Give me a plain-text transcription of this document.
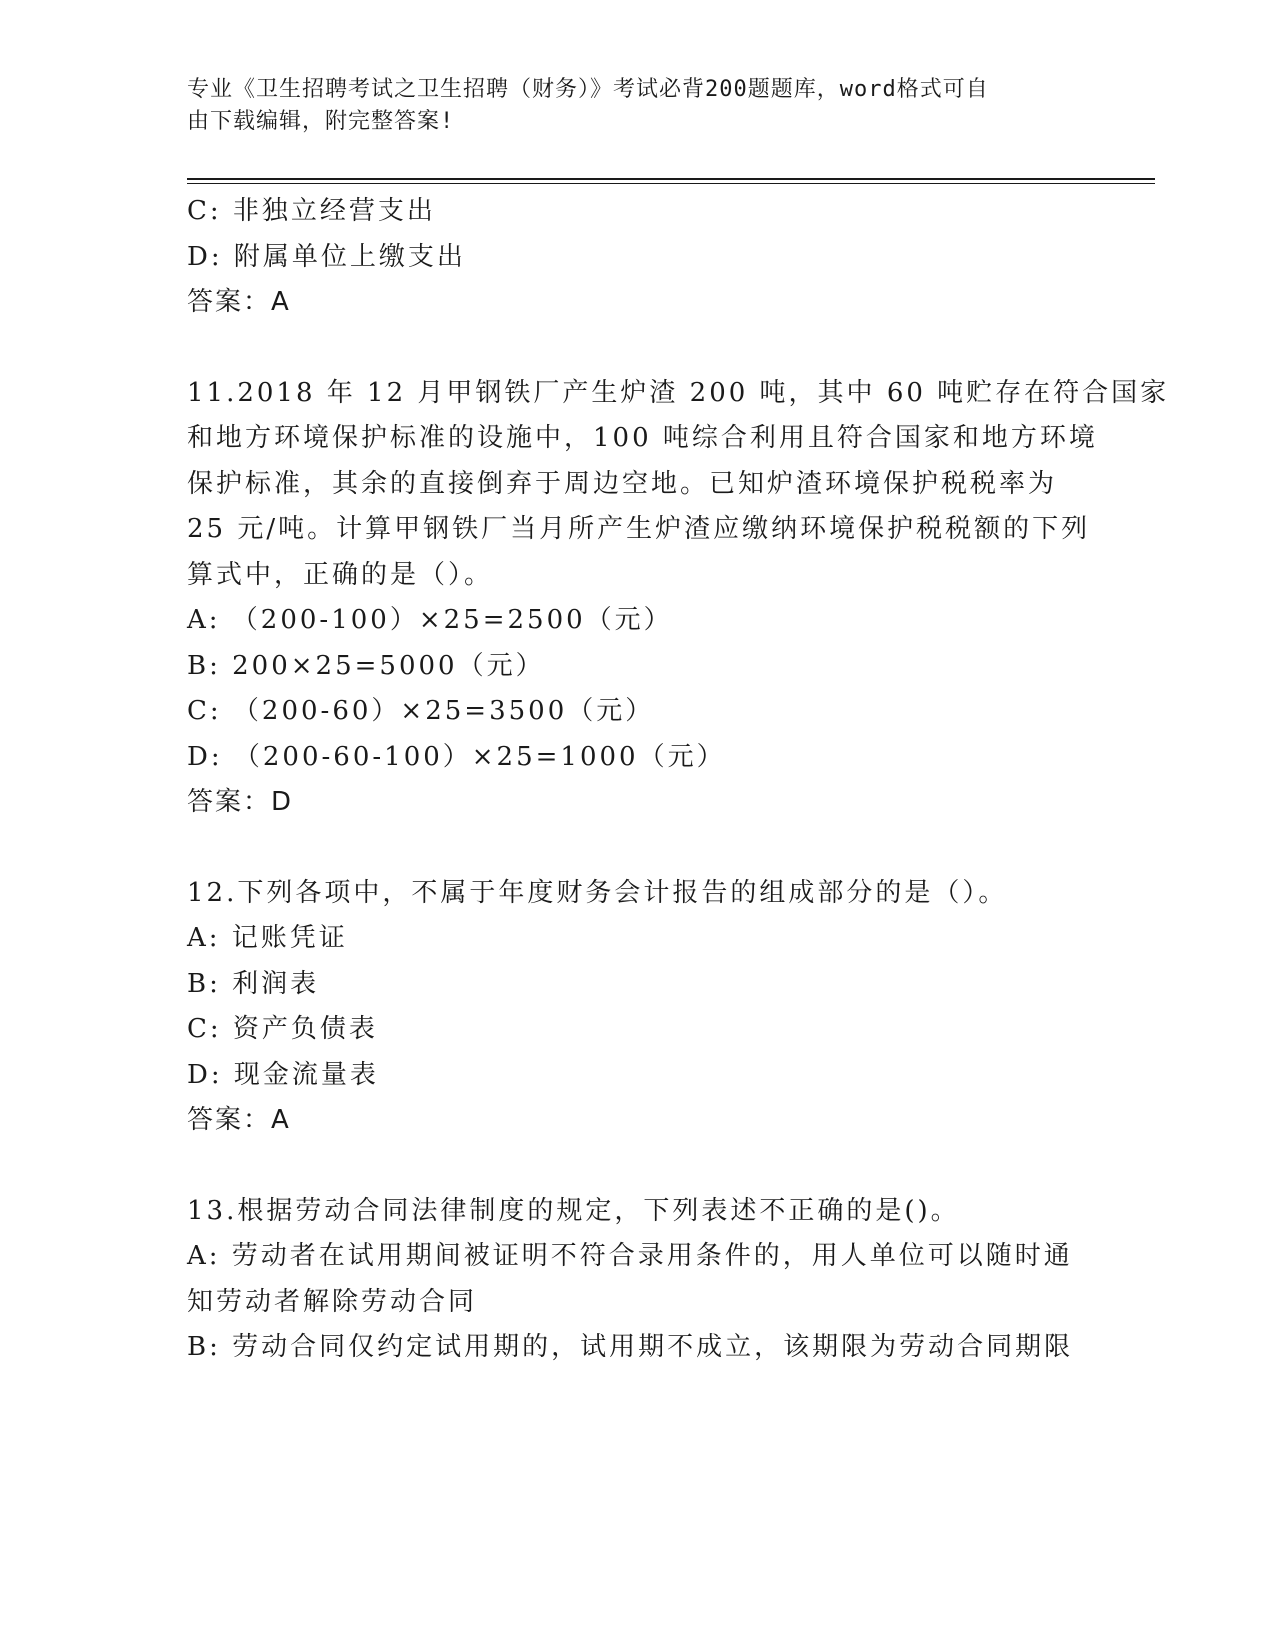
专业《卫生招聘考试之卫生招聘（财务）》考试必背200题题库，word格式可自
由下载编辑，附完整答案!
C: 非独立经营支出
D: 附属单位上缴支出
答案：A
11.2018 年 12 月甲钢铁厂产生炉渣 200 吨，其中 60 吨贮存在符合国家
和地方环境保护标准的设施中，100 吨综合利用且符合国家和地方环境
保护标准，其余的直接倒弃于周边空地。已知炉渣环境保护税税率为
25 元/吨。计算甲钢铁厂当月所产生炉渣应缴纳环境保护税税额的下列
算式中，正确的是（）。
A: （200-100）×25=2500（元）
B: 200×25=5000（元）
C: （200-60）×25=3500（元）
D: （200-60-100）×25=1000（元）
答案：D
12.下列各项中，不属于年度财务会计报告的组成部分的是（）。
A: 记账凭证
B: 利润表
C: 资产负债表
D: 现金流量表
答案：A
13.根据劳动合同法律制度的规定，下列表述不正确的是()。
A: 劳动者在试用期间被证明不符合录用条件的，用人单位可以随时通
知劳动者解除劳动合同
B: 劳动合同仅约定试用期的，试用期不成立，该期限为劳动合同期限
